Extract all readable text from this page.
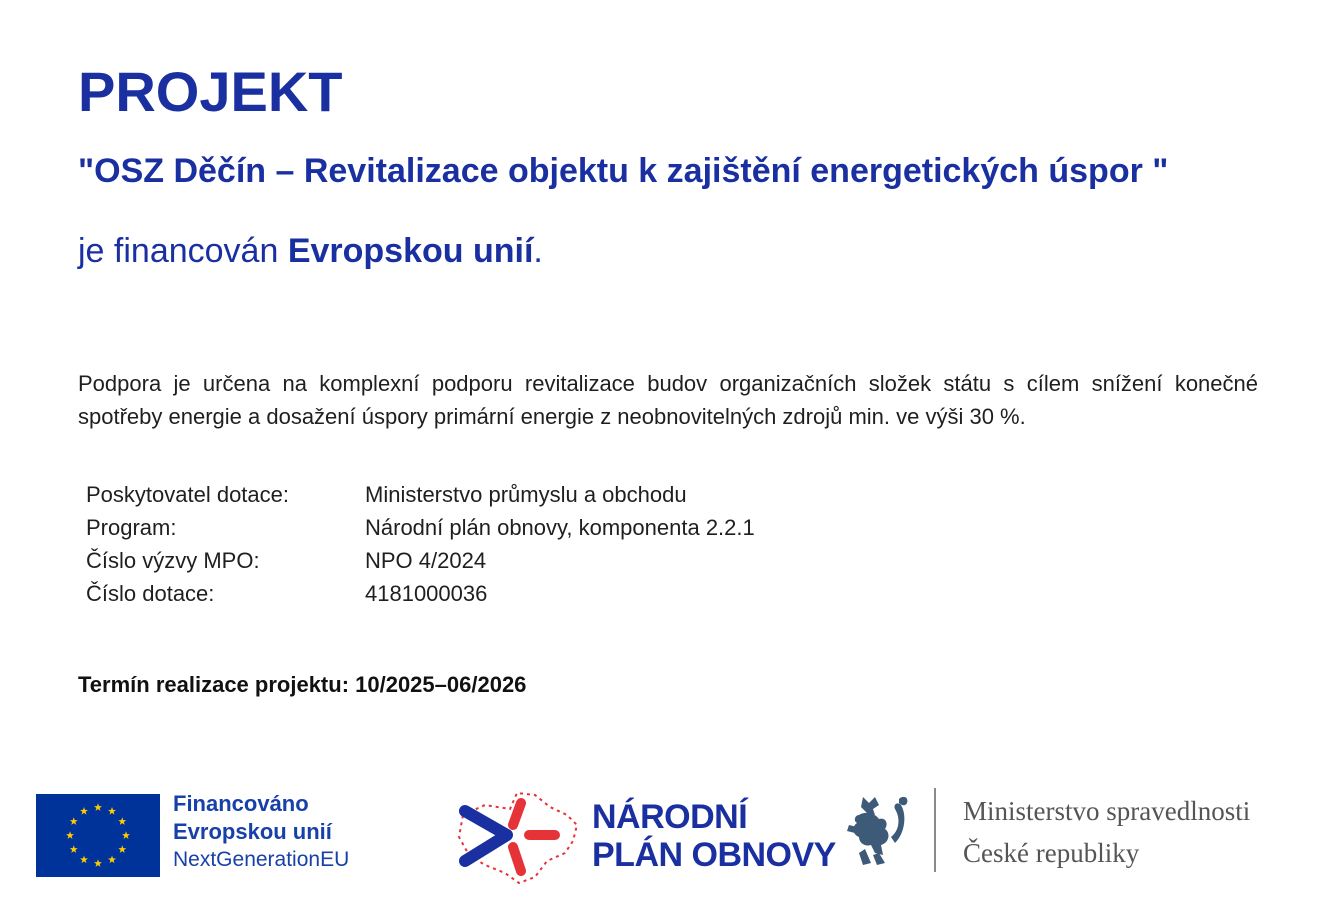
PROJEKT
"OSZ Děčín – Revitalizace objektu k zajištění energetických úspor "
je financován Evropskou unií.

Podpora je určena na komplexní podporu revitalizace budov organizačních složek státu s cílem snížení konečné spotřeby energie a dosažení úspory primární energie z neobnovitelných zdrojů min. ve výši 30 %.

Poskytovatel dotace:	Ministerstvo průmyslu a obchodu
Program:	Národní plán obnovy, komponenta 2.2.1
Číslo výzvy MPO:	NPO 4/2024
Číslo dotace:	4181000036
Termín realizace projektu: 10/2025–06/2026
Financováno
Evropskou unií
NextGenerationEU
NÁRODNÍ
PLÁN OBNOVY
Ministerstvo spravedlnosti
České republiky
